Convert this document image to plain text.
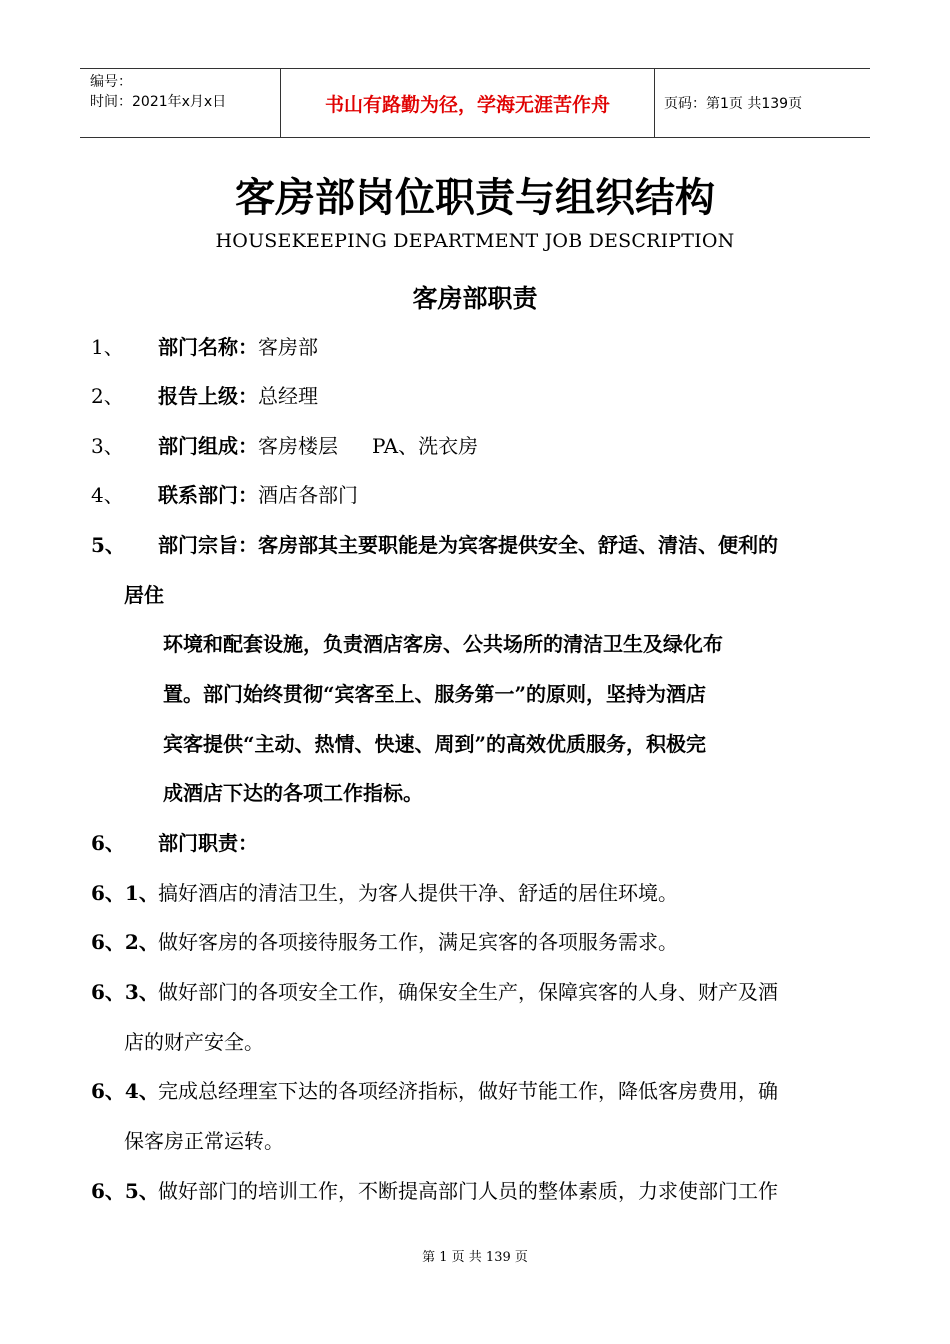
编号：
时间：2021年x月x日	书山有路勤为径，学海无涯苦作舟	页码：第1页 共139页
客房部岗位职责与组织结构
HOUSEKEEPING DEPARTMENT JOB DESCRIPTION
客房部职责
1、 部门名称：客房部
2、 报告上级：总经理
3、 部门组成：客房楼层 PA、洗衣房
4、 联系部门：酒店各部门
5、 部门宗旨：客房部其主要职能是为宾客提供安全、舒适、清洁、便利的
居住
环境和配套设施，负责酒店客房、公共场所的清洁卫生及绿化布
置。部门始终贯彻“宾客至上、服务第一”的原则，坚持为酒店
宾客提供“主动、热情、快速、周到”的高效优质服务，积极完
成酒店下达的各项工作指标。
6、 部门职责：
6、1、 搞好酒店的清洁卫生，为客人提供干净、舒适的居住环境。
6、2、 做好客房的各项接待服务工作，满足宾客的各项服务需求。
6、3、 做好部门的各项安全工作，确保安全生产，保障宾客的人身、财产及酒
店的财产安全。
6、4、 完成总经理室下达的各项经济指标，做好节能工作，降低客房费用，确
保客房正常运转。
6、5、 做好部门的培训工作，不断提高部门人员的整体素质，力求使部门工作
第 1 页 共 139 页
